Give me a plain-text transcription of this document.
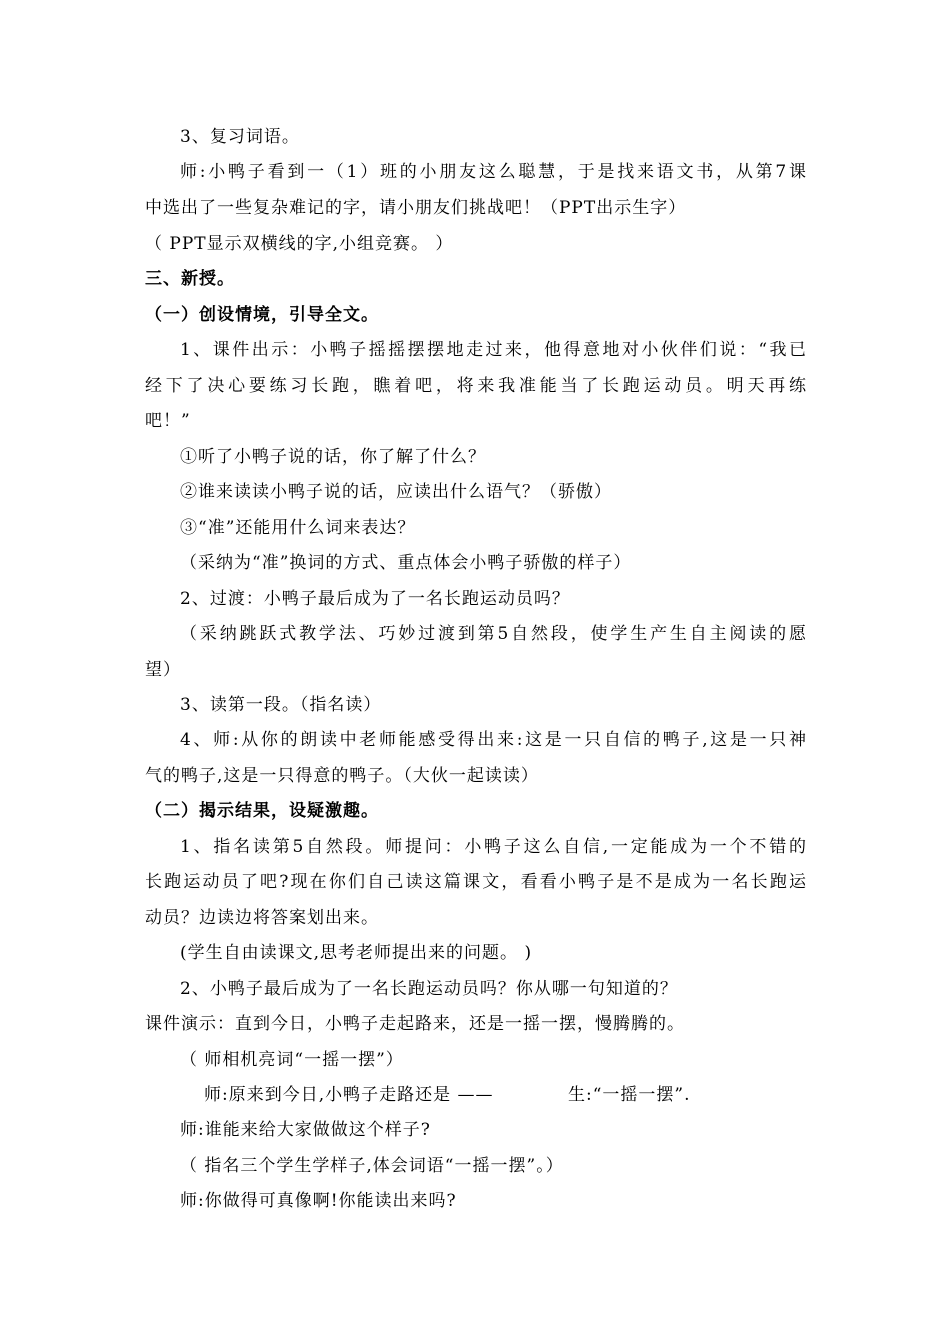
3、复习词语。
师:小鸭子看到一（1）班的小朋友这么聪慧，于是找来语文书，从第7课
中选出了一些复杂难记的字，请小朋友们挑战吧！（PPT出示生字）
（ PPT显示双横线的字,小组竞赛。 ）
三、新授。
（一）创设情境，引导全文。
1、课件出示：小鸭子摇摇摆摆地走过来，他得意地对小伙伴们说：“我已
经下了决心要练习长跑，瞧着吧，将来我准能当了长跑运动员。明天再练
吧！”
①听了小鸭子说的话，你了解了什么？
②谁来读读小鸭子说的话，应读出什么语气？（骄傲）
③“准”还能用什么词来表达？
（采纳为“准”换词的方式、重点体会小鸭子骄傲的样子）
2、过渡：小鸭子最后成为了一名长跑运动员吗？
（采纳跳跃式教学法、巧妙过渡到第5自然段，使学生产生自主阅读的愿
望）
3、读第一段。（指名读）
4、师:从你的朗读中老师能感受得出来:这是一只自信的鸭子,这是一只神
气的鸭子,这是一只得意的鸭子。（大伙一起读读）
（二）揭示结果，设疑激趣。
1、指名读第5自然段。师提问：小鸭子这么自信,一定能成为一个不错的
长跑运动员了吧?现在你们自己读这篇课文，看看小鸭子是不是成为一名长跑运
动员？边读边将答案划出来。
(学生自由读课文,思考老师提出来的问题。 )
2、小鸭子最后成为了一名长跑运动员吗？你从哪一句知道的？
课件演示：直到今日，小鸭子走起路来，还是一摇一摆，慢腾腾的。
（ 师相机亮词“一摇一摆”）
师:原来到今日,小鸭子走路还是 ——	生:“一摇一摆”.
师:谁能来给大家做做这个样子?
（ 指名三个学生学样子,体会词语“一摇一摆”。）
师:你做得可真像啊!你能读出来吗?
